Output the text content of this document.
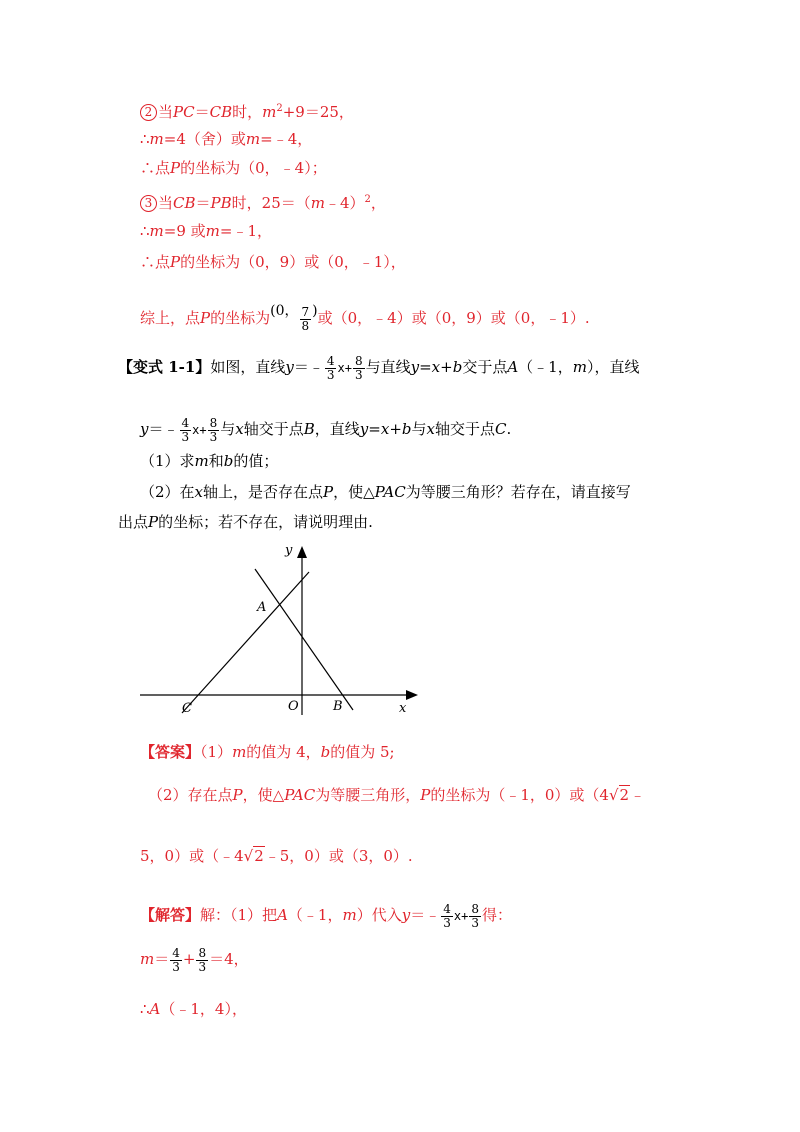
2 当PC＝CB时，$m^2+9=25$，
∴m=4（舍）或m=﹣4，
∴点P的坐标为（0，﹣4）；
3 当CB＝PB时，25＝（m﹣4）$^2$，
∴m=9 或m=﹣1，
∴点P的坐标为（0，9）或（0，﹣1），
综上，点P的坐标为(0， $\frac{7}{8}$ )或（0，﹣4）或（0，9）或（0，﹣1）.
【变式 1-1】如图，直线y＝﹣ $\frac{4}{3} x+ \frac{8}{3}$ 与直线y=x+b交于点A（﹣1，m），直线
y＝﹣ $\frac{4}{3} x+ \frac{8}{3}$ 与x轴交于点B，直线y=x+b与x轴交于点C.
（1）求m和b的值；
（2）在x轴上，是否存在点P，使△PAC为等腰三角形？若存在，请直接写
出点P的坐标；若不存在，请说明理由.
y
x
A
O	B
C
【答案】（1）m的值为 4，b的值为 5;
（2）存在点P，使△PAC为等腰三角形，P的坐标为（﹣1，0）或（4√2﹣
5，0）或（﹣4√2﹣5，0）或（3，0）.
【解答】解：（1）把A（﹣1，m）代入y＝﹣ $\frac{4}{3} x+ \frac{8}{3}$ 得：
$m= \frac{4}{3} + \frac{8}{3} =4$，
∴A（﹣1，4），
